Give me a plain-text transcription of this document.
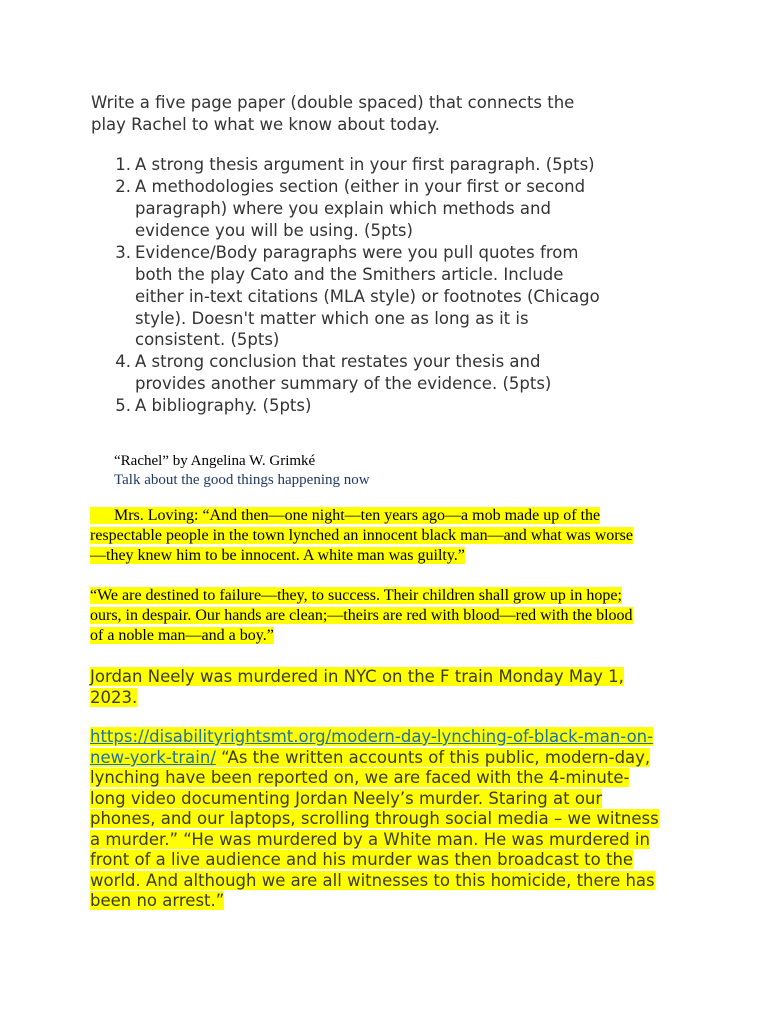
Write a five page paper (double spaced) that connects the
play Rachel to what we know about today.
1. A strong thesis argument in your first paragraph. (5pts)
2. A methodologies section (either in your first or second
paragraph) where you explain which methods and
evidence you will be using. (5pts)
3. Evidence/Body paragraphs were you pull quotes from
both the play Cato and the Smithers article. Include
either in-text citations (MLA style) or footnotes (Chicago
style). Doesn't matter which one as long as it is
consistent. (5pts)
4. A strong conclusion that restates your thesis and
provides another summary of the evidence. (5pts)
5. A bibliography. (5pts)
“Rachel” by Angelina W. Grimké
Talk about the good things happening now
Mrs. Loving: “And then—one night—ten years ago—a mob made up of the
respectable people in the town lynched an innocent black man—and what was worse
—they knew him to be innocent. A white man was guilty.”
“We are destined to failure—they, to success. Their children shall grow up in hope;
ours, in despair. Our hands are clean;—theirs are red with blood—red with the blood
of a noble man—and a boy.”
Jordan Neely was murdered in NYC on the F train Monday May 1,
2023.
https://disabilityrightsmt.org/modern-day-lynching-of-black-man-on-
new-york-train/ “As the written accounts of this public, modern-day,
lynching have been reported on, we are faced with the 4-minute-
long video documenting Jordan Neely’s murder. Staring at our
phones, and our laptops, scrolling through social media – we witness
a murder.” “He was murdered by a White man. He was murdered in
front of a live audience and his murder was then broadcast to the
world. And although we are all witnesses to this homicide, there has
been no arrest.”
